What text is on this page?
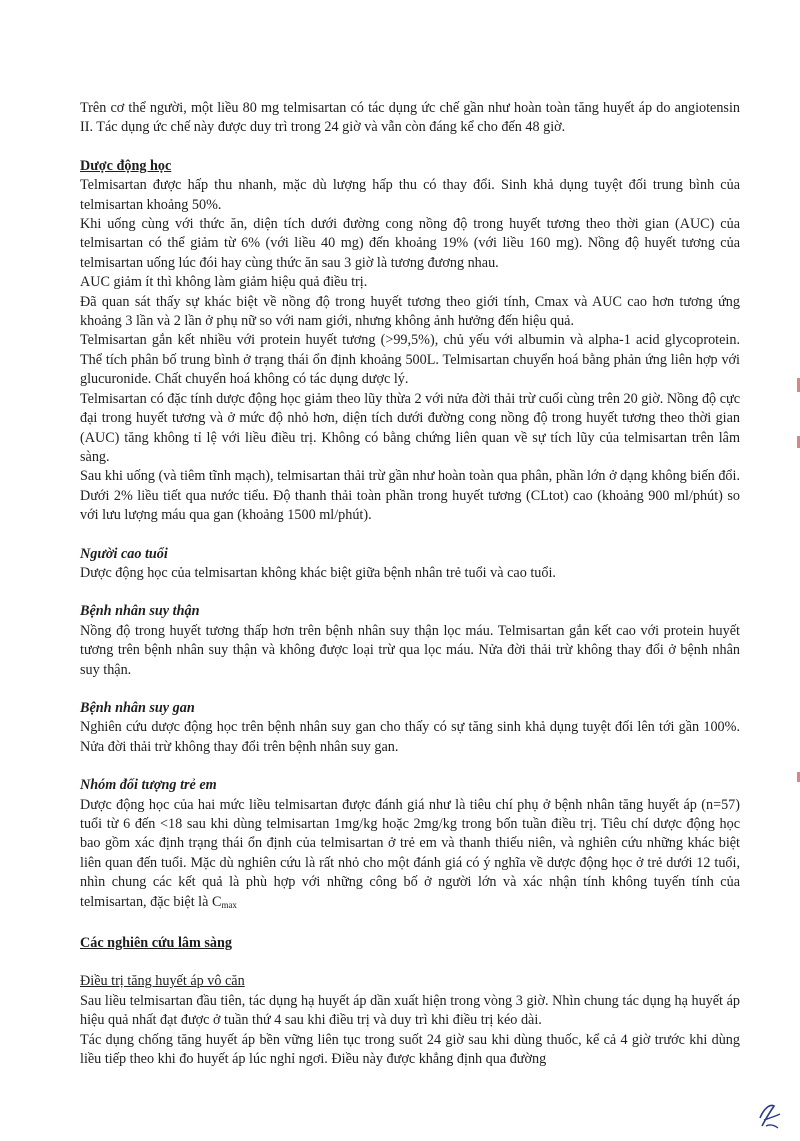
Trên cơ thể người, một liều 80 mg telmisartan có tác dụng ức chế gần như hoàn toàn tăng huyết áp do angiotensin II. Tác dụng ức chế này được duy trì trong 24 giờ và vẫn còn đáng kể cho đến 48 giờ.

Dược động học

Telmisartan được hấp thu nhanh, mặc dù lượng hấp thu có thay đổi. Sinh khả dụng tuyệt đối trung bình của telmisartan khoảng 50%.

Khi uống cùng với thức ăn, diện tích dưới đường cong nồng độ trong huyết tương theo thời gian (AUC) của telmisartan có thể giảm từ 6% (với liều 40 mg) đến khoảng 19% (với liều 160 mg). Nồng độ huyết tương của telmisartan uống lúc đói hay cùng thức ăn sau 3 giờ là tương đương nhau.

AUC giảm ít thì không làm giảm hiệu quả điều trị.

Đã quan sát thấy sự khác biệt về nồng độ trong huyết tương theo giới tính, Cmax và AUC cao hơn tương ứng khoảng 3 lần và 2 lần ở phụ nữ so với nam giới, nhưng không ảnh hưởng đến hiệu quả.

Telmisartan gắn kết nhiều với protein huyết tương (>99,5%), chủ yếu với albumin và alpha-1 acid glycoprotein. Thể tích phân bố trung bình ở trạng thái ổn định khoảng 500L. Telmisartan chuyển hoá bằng phản ứng liên hợp với glucuronide. Chất chuyển hoá không có tác dụng dược lý.

Telmisartan có đặc tính dược động học giảm theo lũy thừa 2 với nửa đời thải trừ cuối cùng trên 20 giờ. Nồng độ cực đại trong huyết tương và ở mức độ nhỏ hơn, diện tích dưới đường cong nồng độ trong huyết tương theo thời gian (AUC) tăng không tỉ lệ với liều điều trị. Không có bằng chứng liên quan về sự tích lũy của telmisartan trên lâm sàng.

Sau khi uống (và tiêm tĩnh mạch), telmisartan thải trừ gần như hoàn toàn qua phân, phần lớn ở dạng không biến đổi. Dưới 2% liều tiết qua nước tiểu. Độ thanh thải toàn phần trong huyết tương (CLtot) cao (khoảng 900 ml/phút) so với lưu lượng máu qua gan (khoảng 1500 ml/phút).

Người cao tuổi

Dược động học của telmisartan không khác biệt giữa bệnh nhân trẻ tuổi và cao tuổi.

Bệnh nhân suy thận

Nồng độ trong huyết tương thấp hơn trên bệnh nhân suy thận lọc máu. Telmisartan gắn kết cao với protein huyết tương trên bệnh nhân suy thận và không được loại trừ qua lọc máu. Nửa đời thải trừ không thay đổi ở bệnh nhân suy thận.

Bệnh nhân suy gan

Nghiên cứu dược động học trên bệnh nhân suy gan cho thấy có sự tăng sinh khả dụng tuyệt đối lên tới gần 100%. Nửa đời thải trừ không thay đổi trên bệnh nhân suy gan.

Nhóm đối tượng trẻ em

Dược động học của hai mức liều telmisartan được đánh giá như là tiêu chí phụ ở bệnh nhân tăng huyết áp (n=57) tuổi từ 6 đến <18 sau khi dùng telmisartan 1mg/kg hoặc 2mg/kg trong bốn tuần điều trị. Tiêu chí dược động học bao gồm xác định trạng thái ổn định của telmisartan ở trẻ em và thanh thiếu niên, và nghiên cứu những khác biệt liên quan đến tuổi. Mặc dù nghiên cứu là rất nhỏ cho một đánh giá có ý nghĩa về dược động học ở trẻ dưới 12 tuổi, nhìn chung các kết quả là phù hợp với những công bố ở người lớn và xác nhận tính không tuyến tính của telmisartan, đặc biệt là $C_{max}$

Các nghiên cứu lâm sàng

Điều trị tăng huyết áp vô căn

Sau liều telmisartan đầu tiên, tác dụng hạ huyết áp dần xuất hiện trong vòng 3 giờ. Nhìn chung tác dụng hạ huyết áp hiệu quả nhất đạt được ở tuần thứ 4 sau khi điều trị và duy trì khi điều trị kéo dài.

Tác dụng chống tăng huyết áp bền vững liên tục trong suốt 24 giờ sau khi dùng thuốc, kể cả 4 giờ trước khi dùng liều tiếp theo khi đo huyết áp lúc nghỉ ngơi. Điều này được khẳng định qua đường
